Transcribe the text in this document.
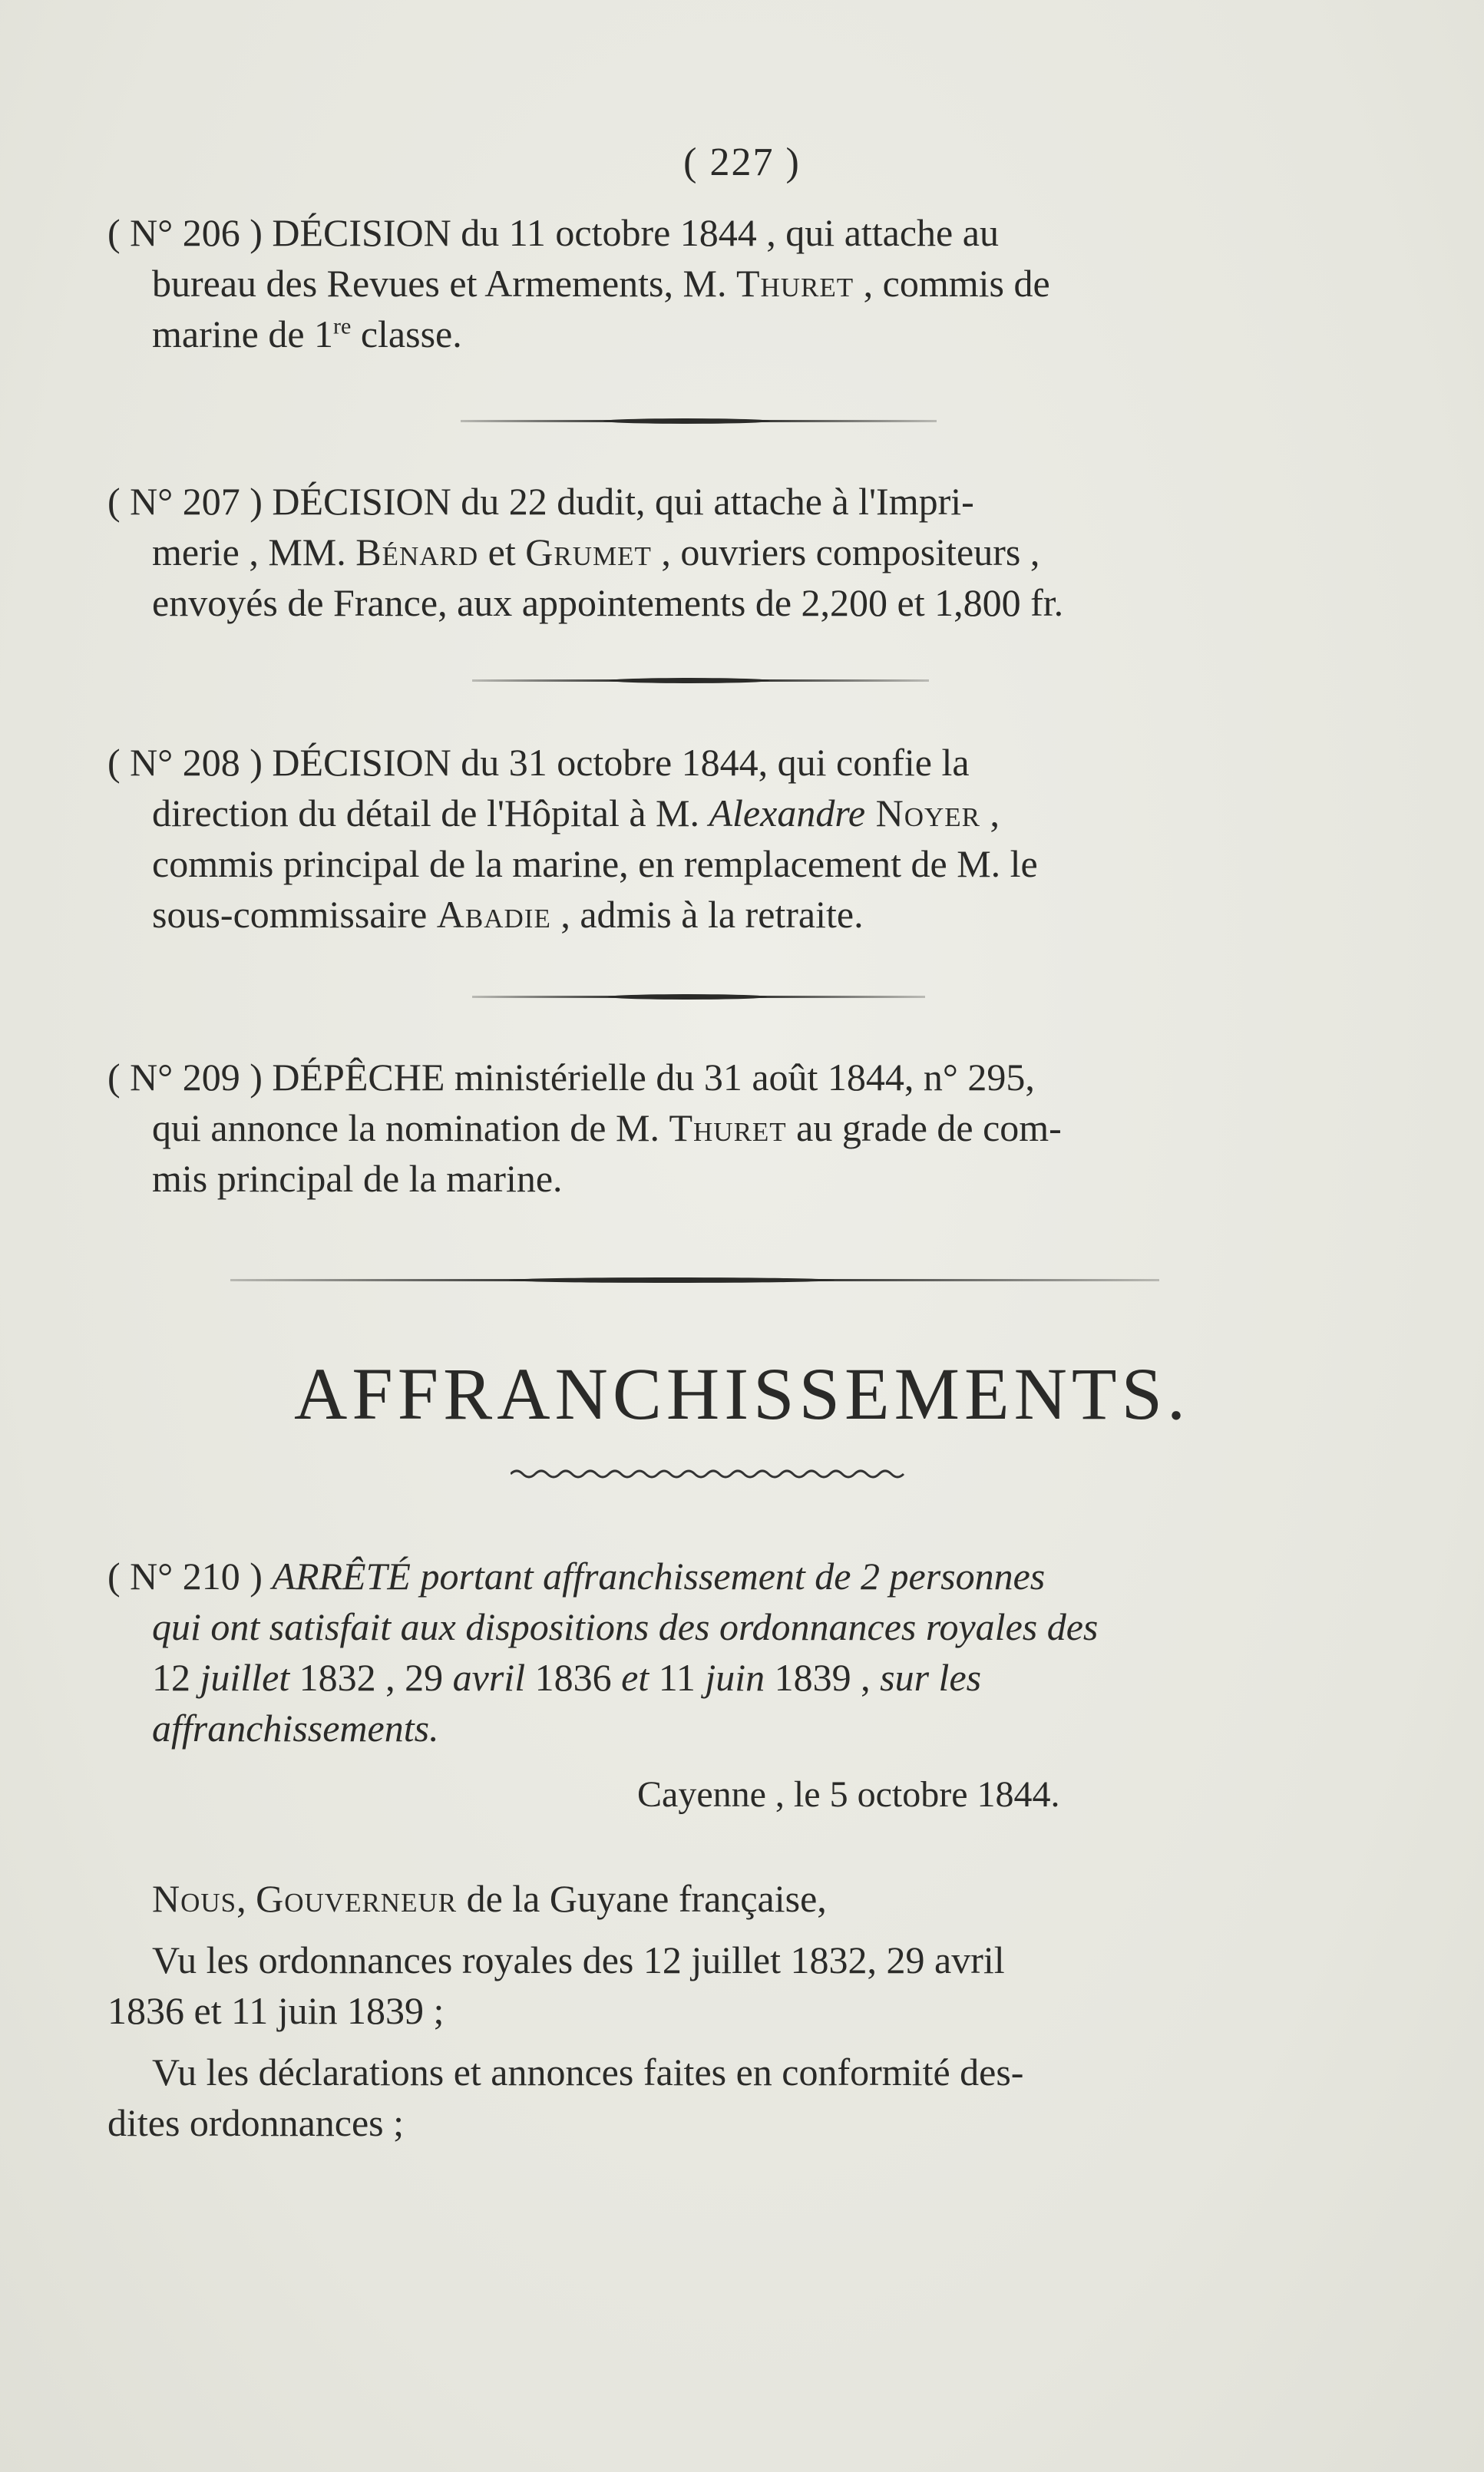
( 227 )
( N° 206 ) DÉCISION du 11 octobre 1844 , qui attache au
bureau des Revues et Armements, M. Thuret , commis de
marine de 1re classe.
( N° 207 ) DÉCISION du 22 dudit, qui attache à l'Impri-
merie , MM. Bénard et Grumet , ouvriers compositeurs ,
envoyés de France, aux appointements de 2,200 et 1,800 fr.
( N° 208 ) DÉCISION du 31 octobre 1844, qui confie la
direction du détail de l'Hôpital à M. Alexandre Noyer ,
commis principal de la marine, en remplacement de M. le
sous-commissaire Abadie , admis à la retraite.
( N° 209 ) DÉPÊCHE ministérielle du 31 août 1844, n° 295,
qui annonce la nomination de M. Thuret au grade de com-
mis principal de la marine.
AFFRANCHISSEMENTS.
( N° 210 ) ARRÊTÉ portant affranchissement de 2 personnes
qui ont satisfait aux dispositions des ordonnances royales des
12 juillet 1832 , 29 avril 1836 et 11 juin 1839 , sur les
affranchissements.
Cayenne , le 5 octobre 1844.
Nous, Gouverneur de la Guyane française,
Vu les ordonnances royales des 12 juillet 1832, 29 avril
1836 et 11 juin 1839 ;
Vu les déclarations et annonces faites en conformité des-
dites ordonnances ;
